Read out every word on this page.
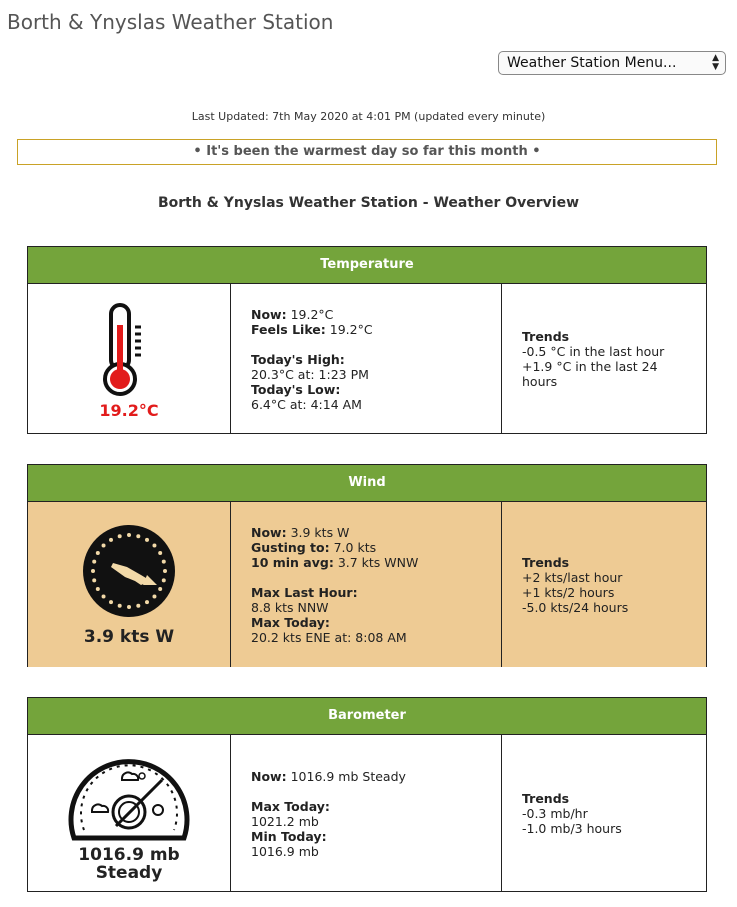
Borth & Ynyslas Weather Station
Weather Station Menu...	▲
▼
Last Updated: 7th May 2020 at 4:01 PM (updated every minute)
• It's been the warmest day so far this month •
Borth & Ynyslas Weather Station - Weather Overview
Temperature
19.2°C
Now: 19.2°C
Feels Like: 19.2°C
Today's High:
20.3°C at: 1:23 PM
Today's Low:
6.4°C at: 4:14 AM
Trends
-0.5 °C in the last hour
+1.9 °C in the last 24 hours
Wind
3.9 kts W
Now: 3.9 kts W
Gusting to: 7.0 kts
10 min avg: 3.7 kts WNW
Max Last Hour:
8.8 kts NNW
Max Today:
20.2 kts ENE at: 8:08 AM
Trends
+2 kts/last hour
+1 kts/2 hours
-5.0 kts/24 hours
Barometer
1016.9 mb
Steady
Now: 1016.9 mb Steady
Max Today:
1021.2 mb
Min Today:
1016.9 mb
Trends
-0.3 mb/hr
-1.0 mb/3 hours
